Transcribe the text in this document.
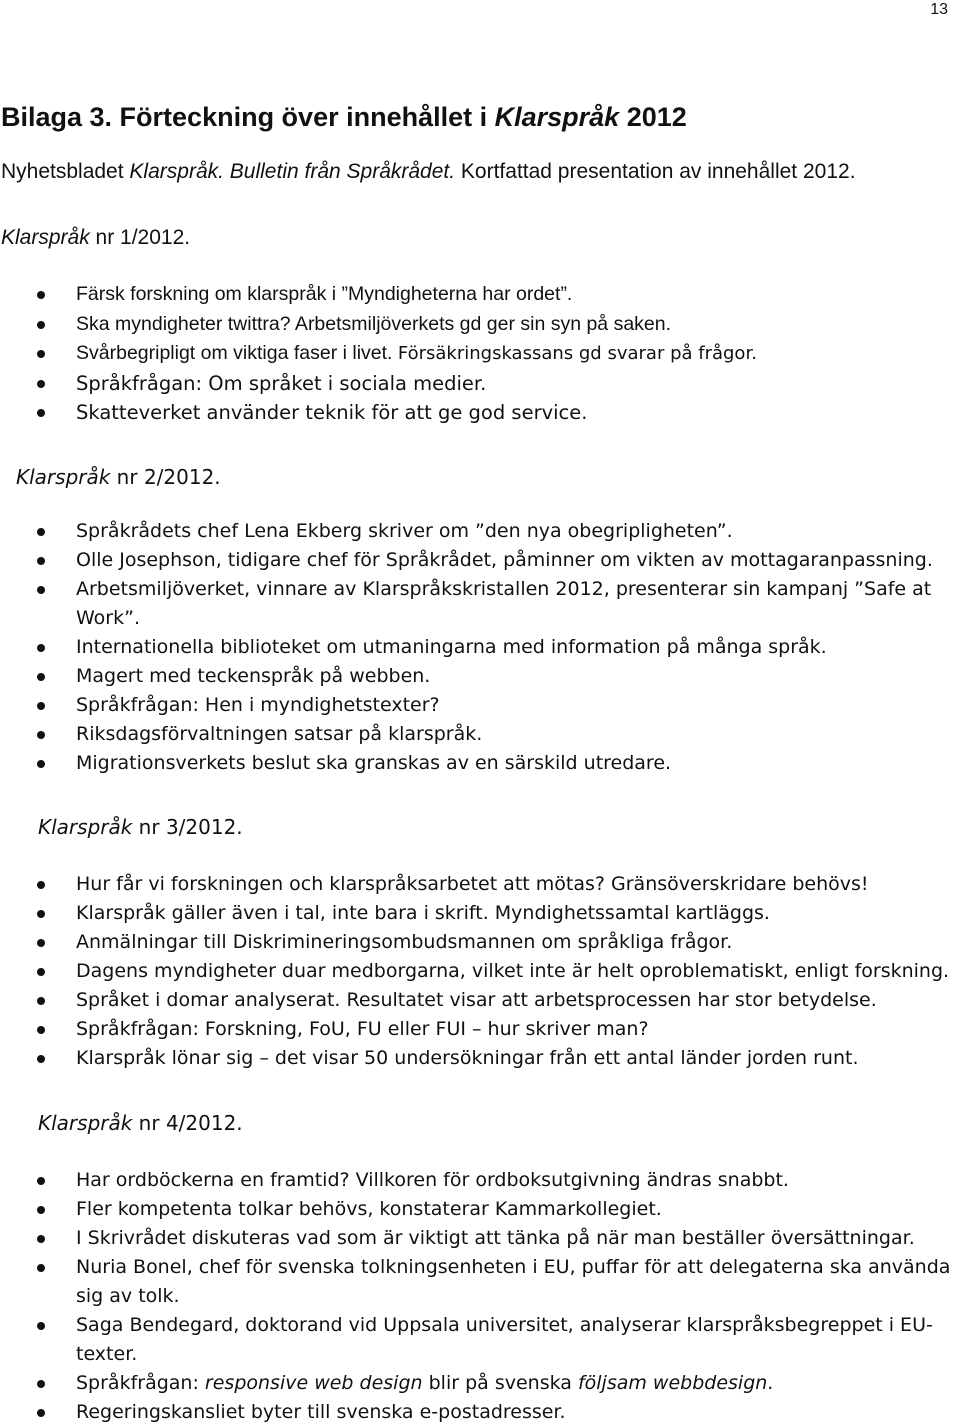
13
Bilaga 3. Förteckning över innehållet i Klarspråk 2012

Nyhetsbladet Klarspråk. Bulletin från Språkrådet. Kortfattad presentation av innehållet 2012.

Klarspråk nr 1/2012.
Färsk forskning om klarspråk i ”Myndigheterna har ordet”.
Ska myndigheter twittra? Arbetsmiljöverkets gd ger sin syn på saken.
Svårbegripligt om viktiga faser i livet. Försäkringskassans gd svarar på frågor.
Språkfrågan: Om språket i sociala medier.
Skatteverket använder teknik för att ge god service.
Klarspråk nr 2/2012.
Språkrådets chef Lena Ekberg skriver om ”den nya obegripligheten”.
Olle Josephson, tidigare chef för Språkrådet, påminner om vikten av mottagaranpassning.
Arbetsmiljöverket, vinnare av Klarspråkskristallen 2012, presenterar sin kampanj ”Safe at
Work”.
Internationella biblioteket om utmaningarna med information på många språk.
Magert med teckenspråk på webben.
Språkfrågan: Hen i myndighetstexter?
Riksdagsförvaltningen satsar på klarspråk.
Migrationsverkets beslut ska granskas av en särskild utredare.
Klarspråk nr 3/2012.
Hur får vi forskningen och klarspråksarbetet att mötas? Gränsöverskridare behövs!
Klarspråk gäller även i tal, inte bara i skrift. Myndighetssamtal kartläggs.
Anmälningar till Diskrimineringsombudsmannen om språkliga frågor.
Dagens myndigheter duar medborgarna, vilket inte är helt oproblematiskt, enligt forskning.
Språket i domar analyserat. Resultatet visar att arbetsprocessen har stor betydelse.
Språkfrågan: Forskning, FoU, FU eller FUI – hur skriver man?
Klarspråk lönar sig – det visar 50 undersökningar från ett antal länder jorden runt.
Klarspråk nr 4/2012.
Har ordböckerna en framtid? Villkoren för ordboksutgivning ändras snabbt.
Fler kompetenta tolkar behövs, konstaterar Kammarkollegiet.
I Skrivrådet diskuteras vad som är viktigt att tänka på när man beställer översättningar.
Nuria Bonel, chef för svenska tolkningsenheten i EU, puffar för att delegaterna ska använda
sig av tolk.
Saga Bendegard, doktorand vid Uppsala universitet, analyserar klarspråksbegreppet i EU-
texter.
Språkfrågan: responsive web design blir på svenska följsam webbdesign.
Regeringskansliet byter till svenska e-postadresser.
